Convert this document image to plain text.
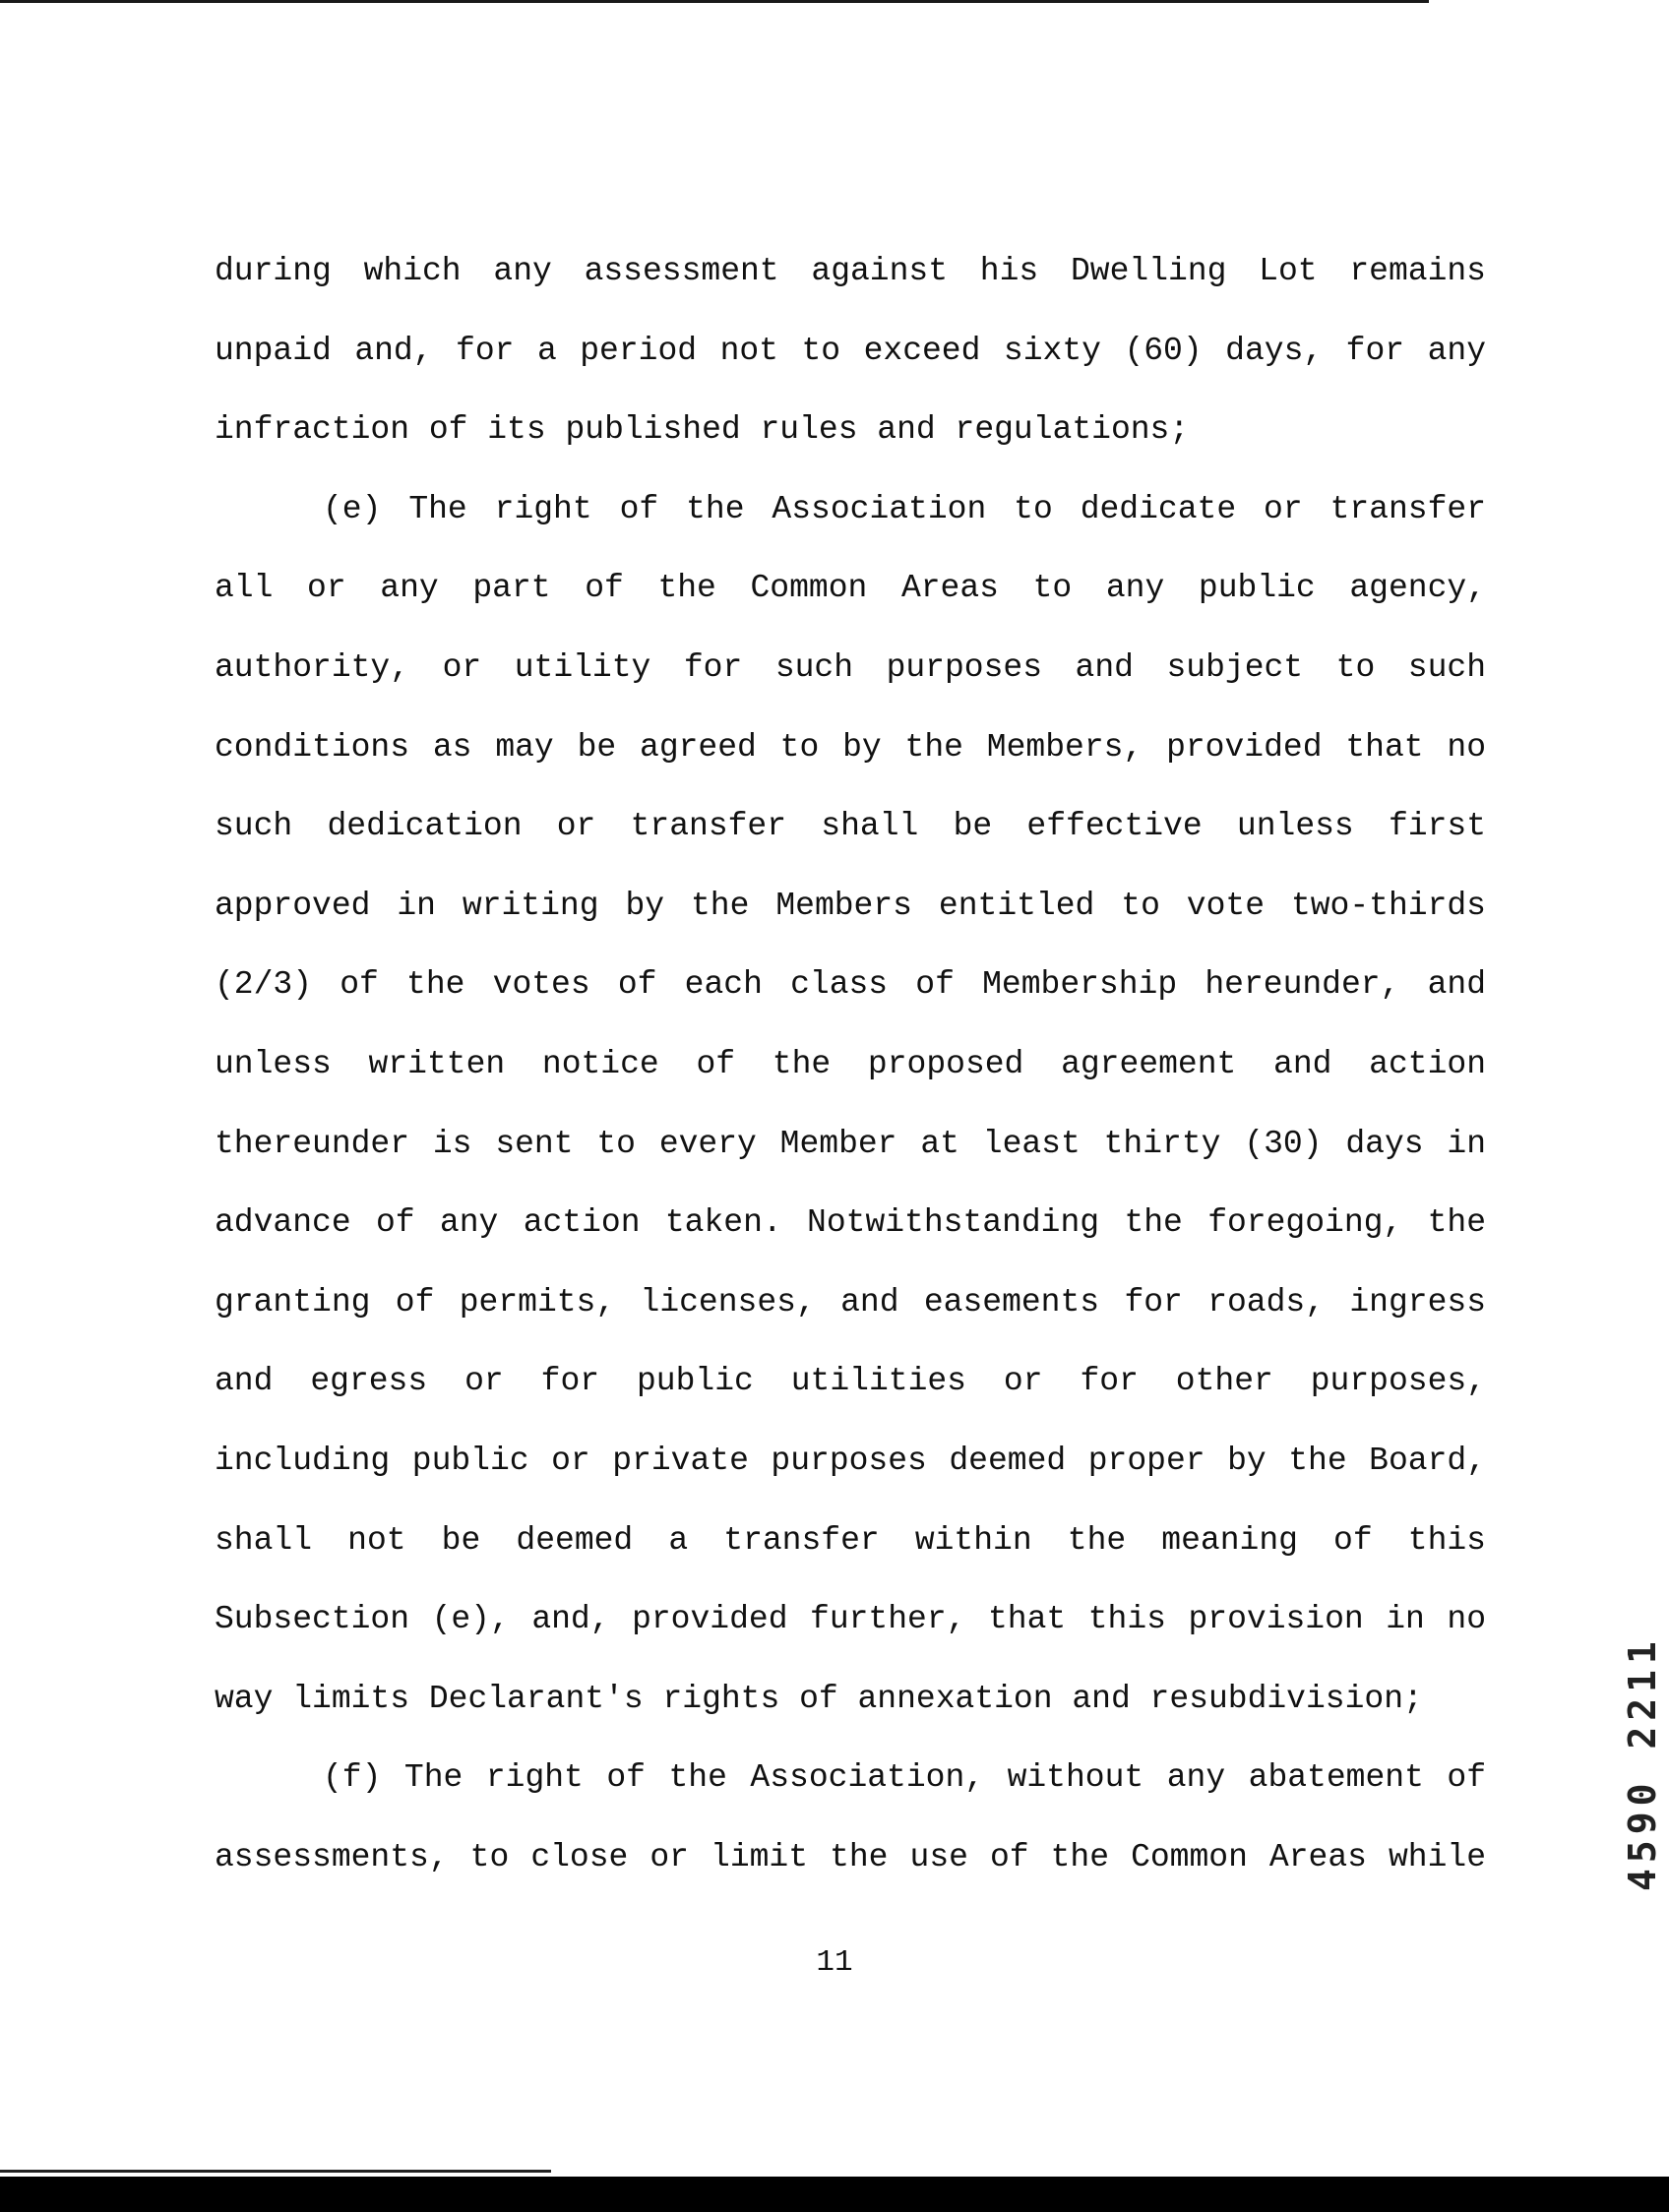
during which any assessment against his Dwelling Lot remains
unpaid and, for a period not to exceed sixty (60) days, for any
infraction of its published rules and regulations;
(e) The right of the Association to dedicate or transfer
all or any part of the Common Areas to any public agency,
authority, or utility for such purposes and subject to such
conditions as may be agreed to by the Members, provided that no
such dedication or transfer shall be effective unless first
approved in writing by the Members entitled to vote two-thirds
(2/3) of the votes of each class of Membership hereunder, and
unless written notice of the proposed agreement and action
thereunder is sent to every Member at least thirty (30) days in
advance of any action taken. Notwithstanding the foregoing, the
granting of permits, licenses, and easements for roads, ingress
and egress or for public utilities or for other purposes,
including public or private purposes deemed proper by the Board,
shall not be deemed a transfer within the meaning of this
Subsection (e), and, provided further, that this provision in no
way limits Declarant's rights of annexation and resubdivision;
(f) The right of the Association, without any abatement of
assessments, to close or limit the use of the Common Areas while
11
4590 2211
